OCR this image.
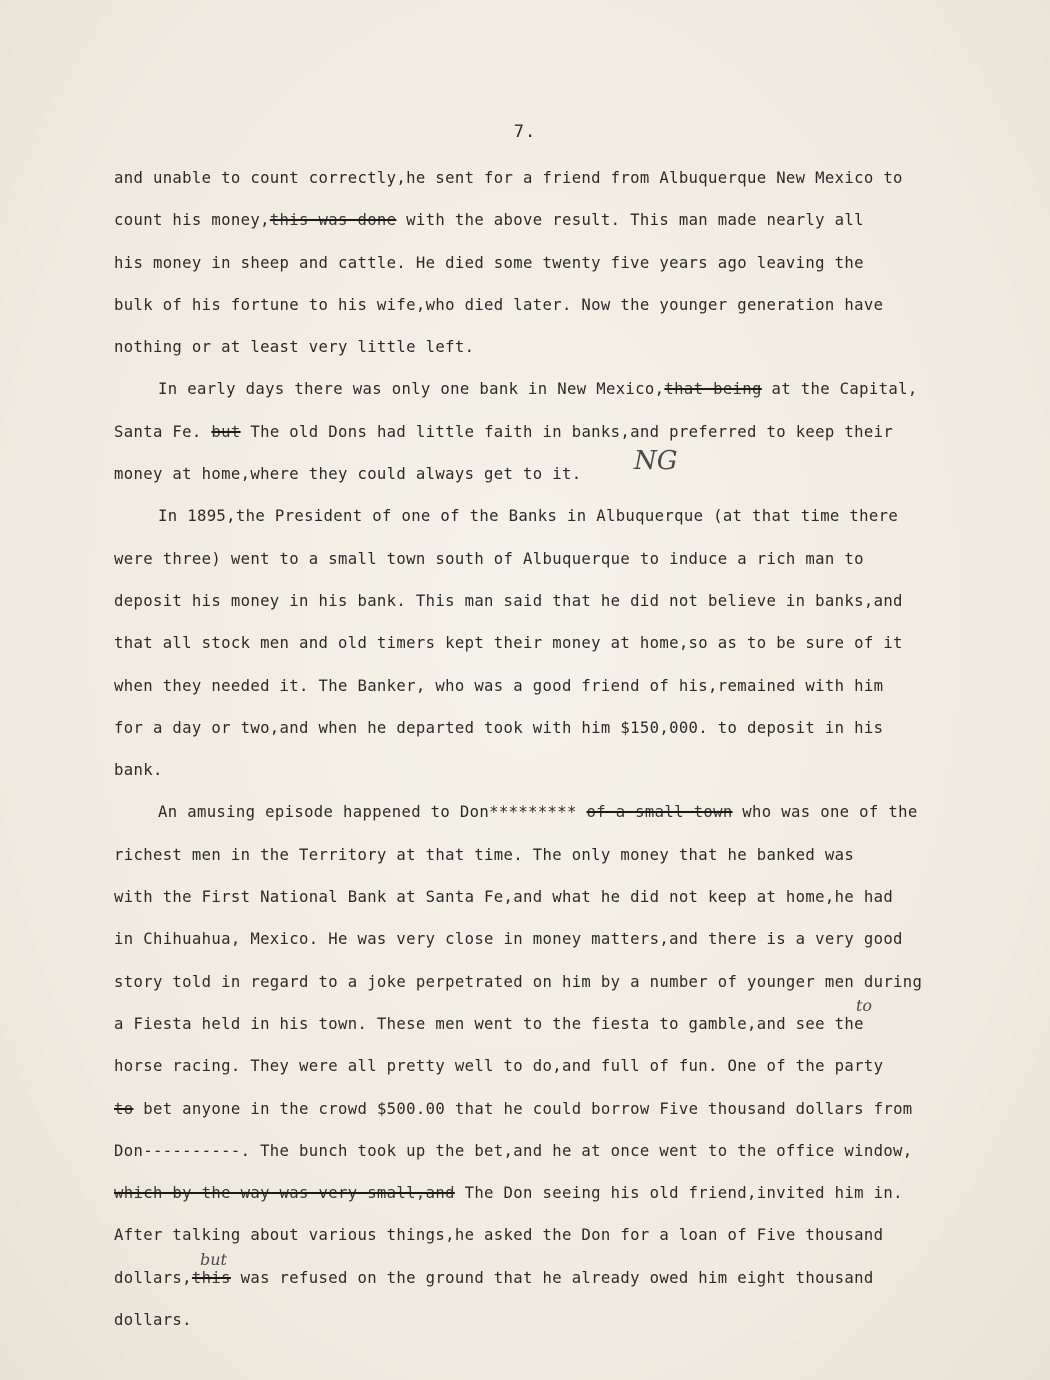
7.
and unable to count correctly,he sent for a friend from Albuquerque New Mexico to
count his money,this was done with the above result. This man made nearly all
his money in sheep and cattle. He died some twenty five years ago leaving the
bulk of his fortune to his wife,who died later. Now the younger generation have
nothing or at least very little left.
In early days there was only one bank in New Mexico,that being at the Capital,
Santa Fe. but The old Dons had little faith in banks,and preferred to keep their
money at home,where they could always get to it.
In 1895,the President of one of the Banks in Albuquerque (at that time there
were three) went to a small town south of Albuquerque to induce a rich man to
deposit his money in his bank. This man said that he did not believe in banks,and
that all stock men and old timers kept their money at home,so as to be sure of it
when they needed it. The Banker, who was a good friend of his,remained with him
for a day or two,and when he departed took with him $150,000. to deposit in his
bank.
An amusing episode happened to Don********* of a small town who was one of the
richest men in the Territory at that time. The only money that he banked was
with the First National Bank at Santa Fe,and what he did not keep at home,he had
in Chihuahua, Mexico. He was very close in money matters,and there is a very good
story told in regard to a joke perpetrated on him by a number of younger men during
a Fiesta held in his town. These men went to the fiesta to gamble,and see the
horse racing. They were all pretty well to do,and full of fun. One of the party
to bet anyone in the crowd $500.00 that he could borrow Five thousand dollars from
Don----------. The bunch took up the bet,and he at once went to the office window,
which by the way was very small,and The Don seeing his old friend,invited him in.
After talking about various things,he asked the Don for a loan of Five thousand
dollars,this was refused on the ground that he already owed him eight thousand
dollars.
NG
to
but
